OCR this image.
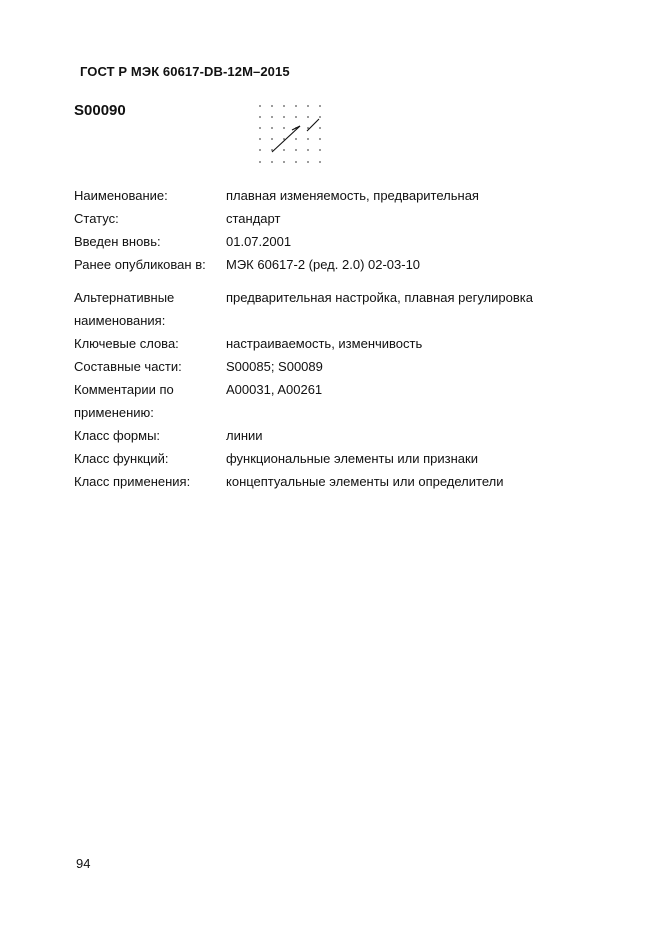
ГОСТ Р МЭК 60617-DB-12M–2015
S00090
Наименование:	плавная изменяемость, предварительная
Статус:	стандарт
Введен вновь:	01.07.2001
Ранее опубликован в:	МЭК 60617-2 (ред. 2.0) 02-03-10
Альтернативные наименования:
предварительная настройка, плавная регулировка
Ключевые слова:	настраиваемость, изменчивость
Составные части:	S00085; S00089
Комментарии по применению:
A00031, A00261
Класс формы:	линии
Класс функций:	функциональные элементы или признаки
Класс применения:	концептуальные элементы или определители
94
